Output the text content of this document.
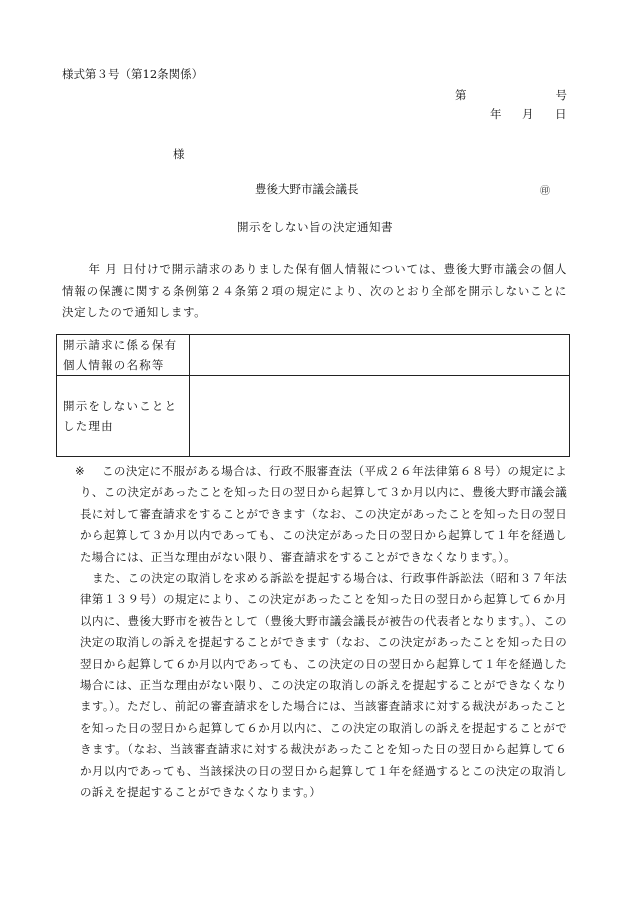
様式第３号（第12条関係）
第	号
年 月 日
様
豊後大野市議会議長	㊞
開示をしない旨の決定通知書
年 月 日付けで開示請求のありました保有個人情報については、豊後大野市議会の個人情報の保護に関する条例第２４条第２項の規定により、次のとおり全部を開示しないことに決定したので通知します。
開示請求に係る保有個人情報の名称等	
開示をしないこととした理由	
※	この決定に不服がある場合は、行政不服審査法（平成２６年法律第６８号）の規定により、この決定があったことを知った日の翌日から起算して３か月以内に、豊後大野市議会議長に対して審査請求をすることができます（なお、この決定があったことを知った日の翌日から起算して３か月以内であっても、この決定があった日の翌日から起算して１年を経過した場合には、正当な理由がない限り、審査請求をすることができなくなります。）。

また、この決定の取消しを求める訴訟を提起する場合は、行政事件訴訟法（昭和３７年法律第１３９号）の規定により、この決定があったことを知った日の翌日から起算して６か月以内に、豊後大野市を被告として（豊後大野市議会議長が被告の代表者となります。）、この決定の取消しの訴えを提起することができます（なお、この決定があったことを知った日の翌日から起算して６か月以内であっても、この決定の日の翌日から起算して１年を経過した場合には、正当な理由がない限り、この決定の取消しの訴えを提起することができなくなります。）。ただし、前記の審査請求をした場合には、当該審査請求に対する裁決があったことを知った日の翌日から起算して６か月以内に、この決定の取消しの訴えを提起することができます。（なお、当該審査請求に対する裁決があったことを知った日の翌日から起算して６か月以内であっても、当該採決の日の翌日から起算して１年を経過するとこの決定の取消しの訴えを提起することができなくなります。）
